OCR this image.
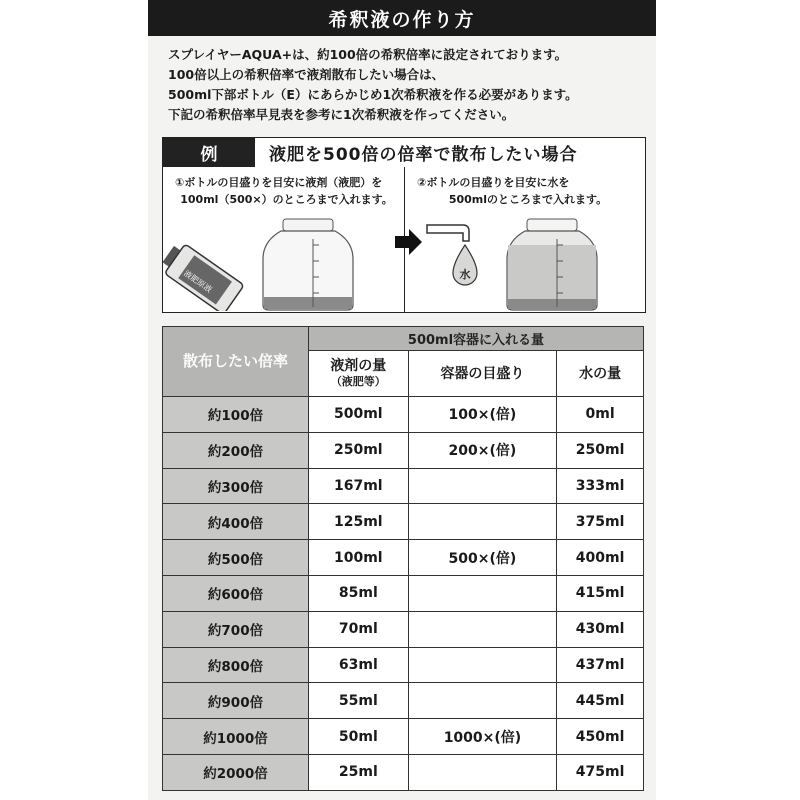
希釈液の作り方
スプレイヤーAQUA+は、約100倍の希釈倍率に設定されております。
100倍以上の希釈倍率で液剤散布したい場合は、
500ml下部ボトル（E）にあらかじめ1次希釈液を作る必要があります。
下記の希釈倍率早見表を参考に1次希釈液を作ってください。
例	液肥を500倍の倍率で散布したい場合
①ボトルの目盛りを目安に液剤（液肥）を
100ml（500×）のところまで入れます。
液肥原液
②ボトルの目盛りを目安に水を
500mlのところまで入れます。
水
散布したい倍率	500ml容器に入れる量		
	液剤の量
（液肥等）	容器の目盛り	水の量
約100倍	500ml	100×(倍)	0ml
約200倍	250ml	200×(倍)	250ml
約300倍	167ml		333ml
約400倍	125ml		375ml
約500倍	100ml	500×(倍)	400ml
約600倍	85ml		415ml
約700倍	70ml		430ml
約800倍	63ml		437ml
約900倍	55ml		445ml
約1000倍	50ml	1000×(倍)	450ml
約2000倍	25ml		475ml
